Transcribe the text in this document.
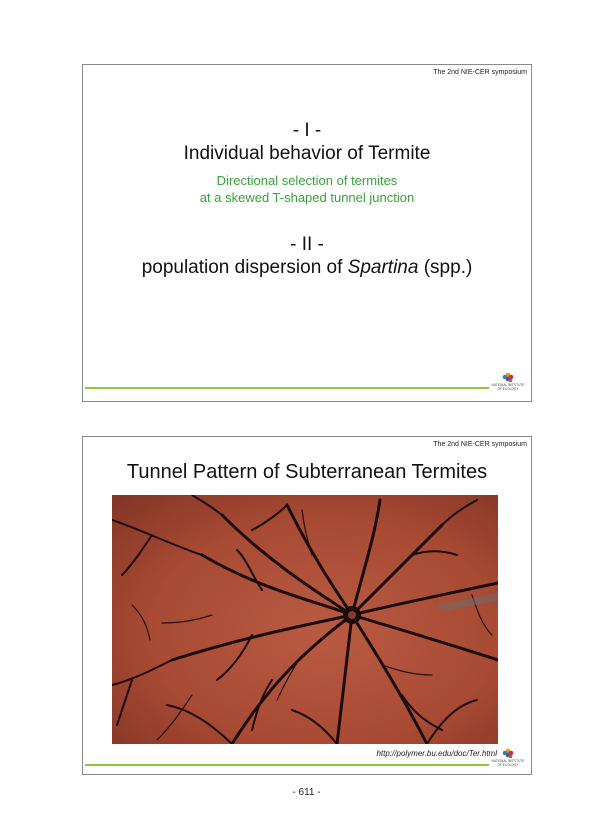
The 2nd NIE-CER symposium
- I -
Individual behavior of Termite
Directional selection of termites
at a skewed T-shaped tunnel junction
- II -
population dispersion of Spartina (spp.)
NATIONAL INSTITUTE
OF ECOLOGY
The 2nd NIE-CER symposium
Tunnel Pattern of Subterranean Termites
http://polymer.bu.edu/doc/Ter.html
NATIONAL INSTITUTE
OF ECOLOGY
- 611 -
